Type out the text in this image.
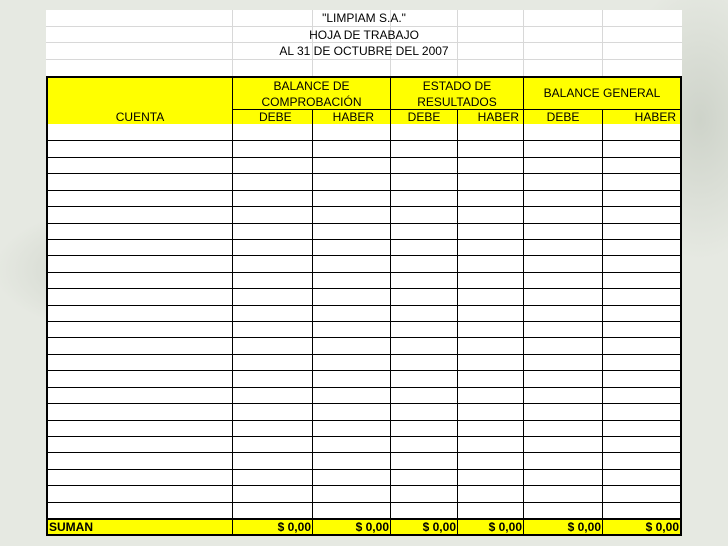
"LIMPIAM S.A."
HOJA DE TRABAJO
AL 31 DE OCTUBRE DEL 2007
BALANCE DE
COMPROBACIÓN
ESTADO DE
RESULTADOS
BALANCE GENERAL
CUENTA	DEBE	HABER	DEBE	HABER	DEBE	HABER
SUMAN	$ 0,00	$ 0,00	$ 0,00	$ 0,00	$ 0,00	$ 0,00
